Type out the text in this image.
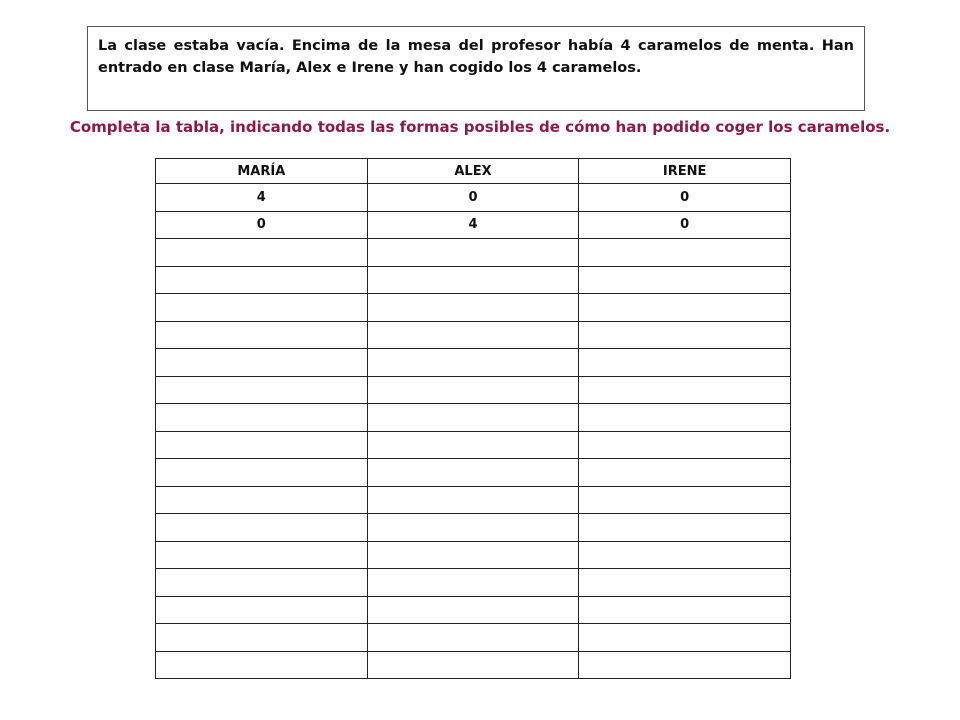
La clase estaba vacía. Encima de la mesa del profesor había 4 caramelos de menta. Han entrado en clase María, Alex e Irene y han cogido los 4 caramelos.
Completa la tabla, indicando todas las formas posibles de cómo han podido coger los caramelos.
MARÍA	ALEX	IRENE
4	0	0
0	4	0
